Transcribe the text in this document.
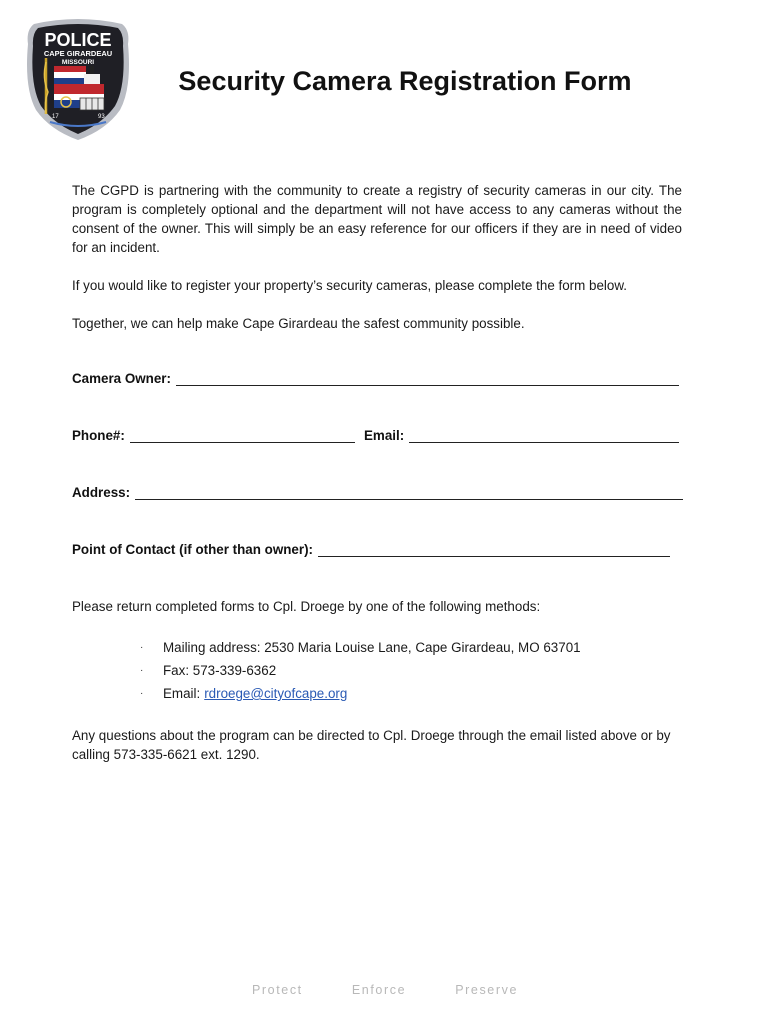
POLICE
CAPE GIRARDEAU
MISSOURI
17	93
Security Camera Registration Form

The CGPD is partnering with the community to create a registry of security cameras in our city. The program is completely optional and the department will not have access to any cameras without the consent of the owner. This will simply be an easy reference for our officers if they are in need of video for an incident.

If you would like to register your property’s security cameras, please complete the form below.

Together, we can help make Cape Girardeau the safest community possible.

Camera Owner:
Phone#:	Email:
Address:
Point of Contact (if other than owner):
Please return completed forms to Cpl. Droege by one of the following methods:
·	Mailing address: 2530 Maria Louise Lane, Cape Girardeau, MO 63701
·	Fax: 573-339-6362
·	Email: rdroege@cityofcape.org

Any questions about the program can be directed to Cpl. Droege through the email listed above or by calling 573-335-6621 ext. 1290.

Protect	Enforce	Preserve
